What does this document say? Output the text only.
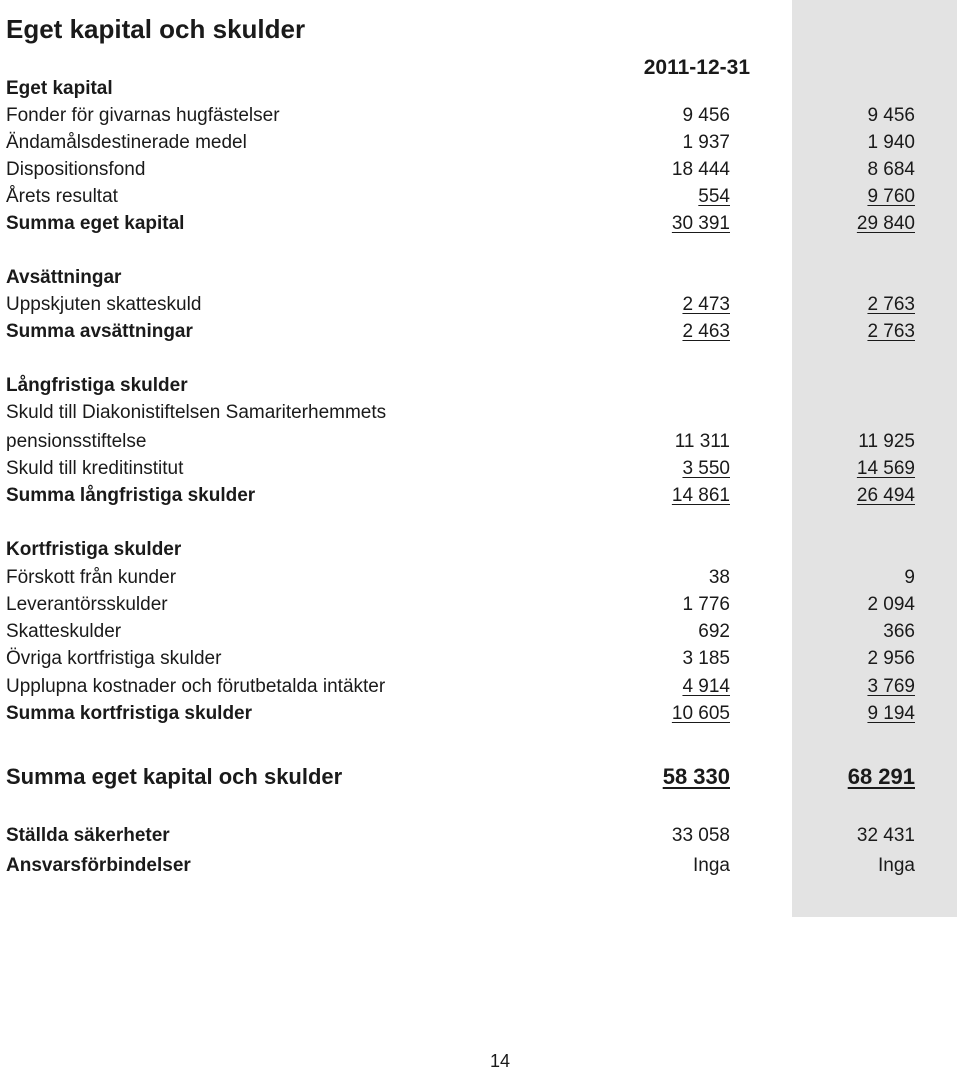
Eget kapital och skulder
2011-12-31
Eget kapital
Fonder för givarnas hugfästelser	9 456	9 456
Ändamålsdestinerade medel	1 937	1 940
Dispositionsfond	18 444	8 684
Årets resultat	554	9 760
Summa eget kapital	30 391	29 840
Avsättningar
Uppskjuten skatteskuld	2 473	2 763
Summa avsättningar	2 463	2 763
Långfristiga skulder
Skuld till Diakonistiftelsen Samariterhemmets
pensionsstiftelse	11 311	11 925
Skuld till kreditinstitut	3 550	14 569
Summa långfristiga skulder	14 861	26 494
Kortfristiga skulder
Förskott från kunder	38	9
Leverantörsskulder	1 776	2 094
Skatteskulder	692	366
Övriga kortfristiga skulder	3 185	2 956
Upplupna kostnader och förutbetalda intäkter	4 914	3 769
Summa kortfristiga skulder	10 605	9 194
Summa eget kapital och skulder	58 330	68 291
Ställda säkerheter	33 058	32 431
Ansvarsförbindelser	Inga	Inga
14
